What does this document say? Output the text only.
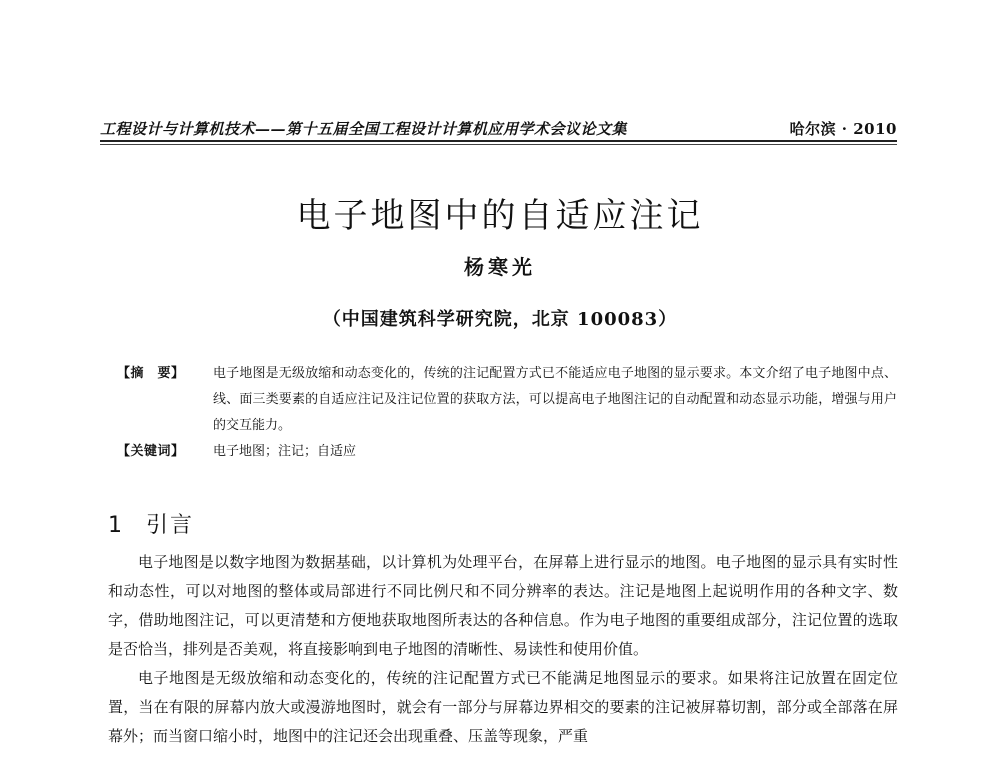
工程设计与计算机技术——第十五届全国工程设计计算机应用学术会议论文集	哈尔滨 · 2010
电子地图中的自适应注记
杨寒光
（中国建筑科学研究院，北京 100083）
【摘　要】	电子地图是无级放缩和动态变化的，传统的注记配置方式已不能适应电子地图的显示要求。本文介绍了电子地图中点、线、面三类要素的自适应注记及注记位置的获取方法，可以提高电子地图注记的自动配置和动态显示功能，增强与用户的交互能力。
【关键词】	电子地图；注记；自适应
1 引言

电子地图是以数字地图为数据基础，以计算机为处理平台，在屏幕上进行显示的地图。电子地图的显示具有实时性和动态性，可以对地图的整体或局部进行不同比例尺和不同分辨率的表达。注记是地图上起说明作用的各种文字、数字，借助地图注记，可以更清楚和方便地获取地图所表达的各种信息。作为电子地图的重要组成部分，注记位置的选取是否恰当，排列是否美观，将直接影响到电子地图的清晰性、易读性和使用价值。

电子地图是无级放缩和动态变化的，传统的注记配置方式已不能满足地图显示的要求。如果将注记放置在固定位置，当在有限的屏幕内放大或漫游地图时，就会有一部分与屏幕边界相交的要素的注记被屏幕切割，部分或全部落在屏幕外；而当窗口缩小时，地图中的注记还会出现重叠、压盖等现象，严重
